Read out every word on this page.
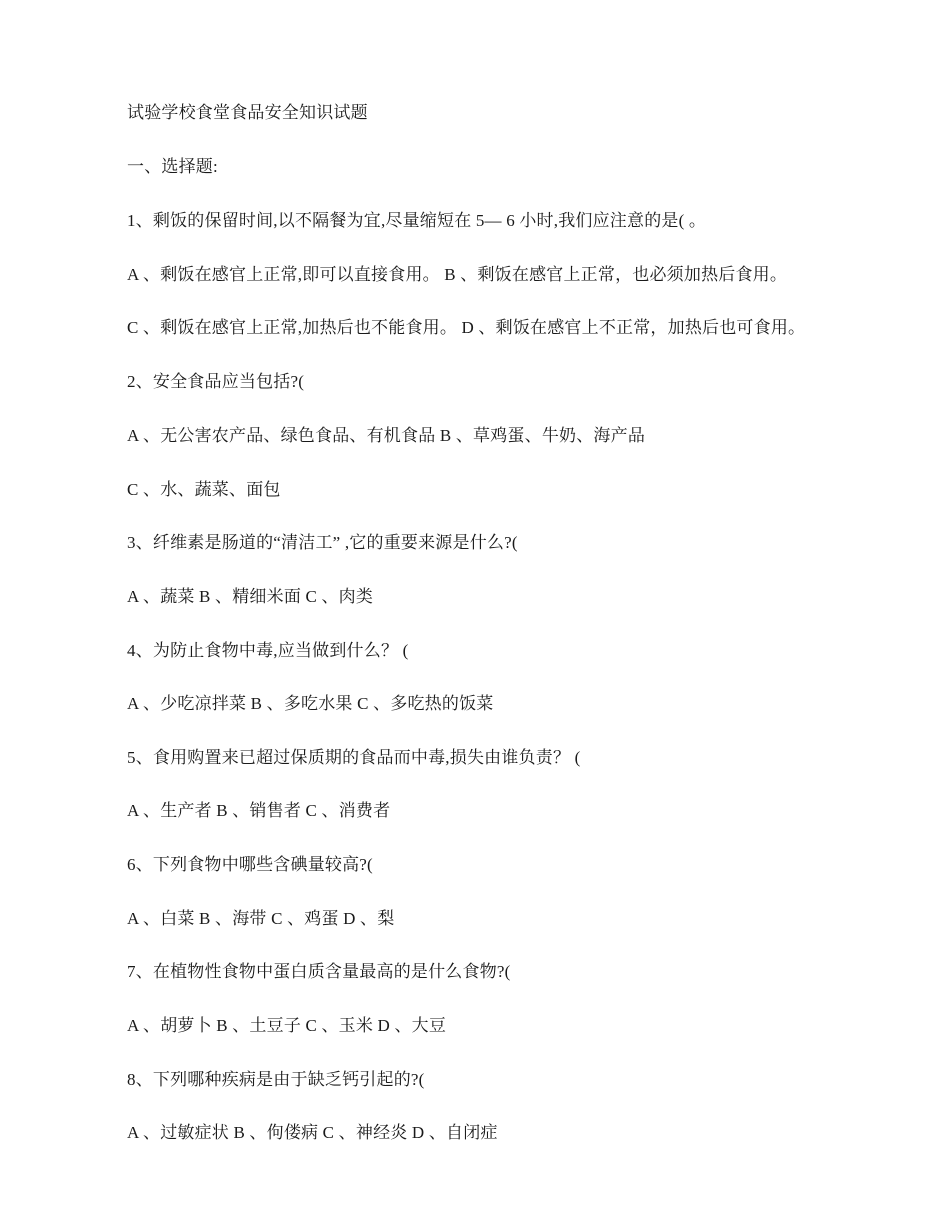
试验学校食堂食品安全知识试题
一、选择题:
1、剩饭的保留时间,以不隔餐为宜,尽量缩短在 5— 6 小时,我们应注意的是( 。
A 、剩饭在感官上正常,即可以直接食用。 B 、剩饭在感官上正常，也必须加热后食用。
C 、剩饭在感官上正常,加热后也不能食用。 D 、剩饭在感官上不正常，加热后也可食用。
2、安全食品应当包括?(
A 、无公害农产品、绿色食品、有机食品 B 、草鸡蛋、牛奶、海产品
C 、水、蔬菜、面包
3、纤维素是肠道的“清洁工” ,它的重要来源是什么?(
A 、蔬菜 B 、精细米面 C 、肉类
4、为防止食物中毒,应当做到什么？ (
A 、少吃凉拌菜 B 、多吃水果 C 、多吃热的饭菜
5、食用购置来已超过保质期的食品而中毒,损失由谁负责？ (
A 、生产者 B 、销售者 C 、消费者
6、下列食物中哪些含碘量较高?(
A 、白菜 B 、海带 C 、鸡蛋 D 、梨
7、在植物性食物中蛋白质含量最高的是什么食物?(
A 、胡萝卜 B 、土豆子 C 、玉米 D 、大豆
8、下列哪种疾病是由于缺乏钙引起的?(
A 、过敏症状 B 、佝偻病 C 、神经炎 D 、自闭症
